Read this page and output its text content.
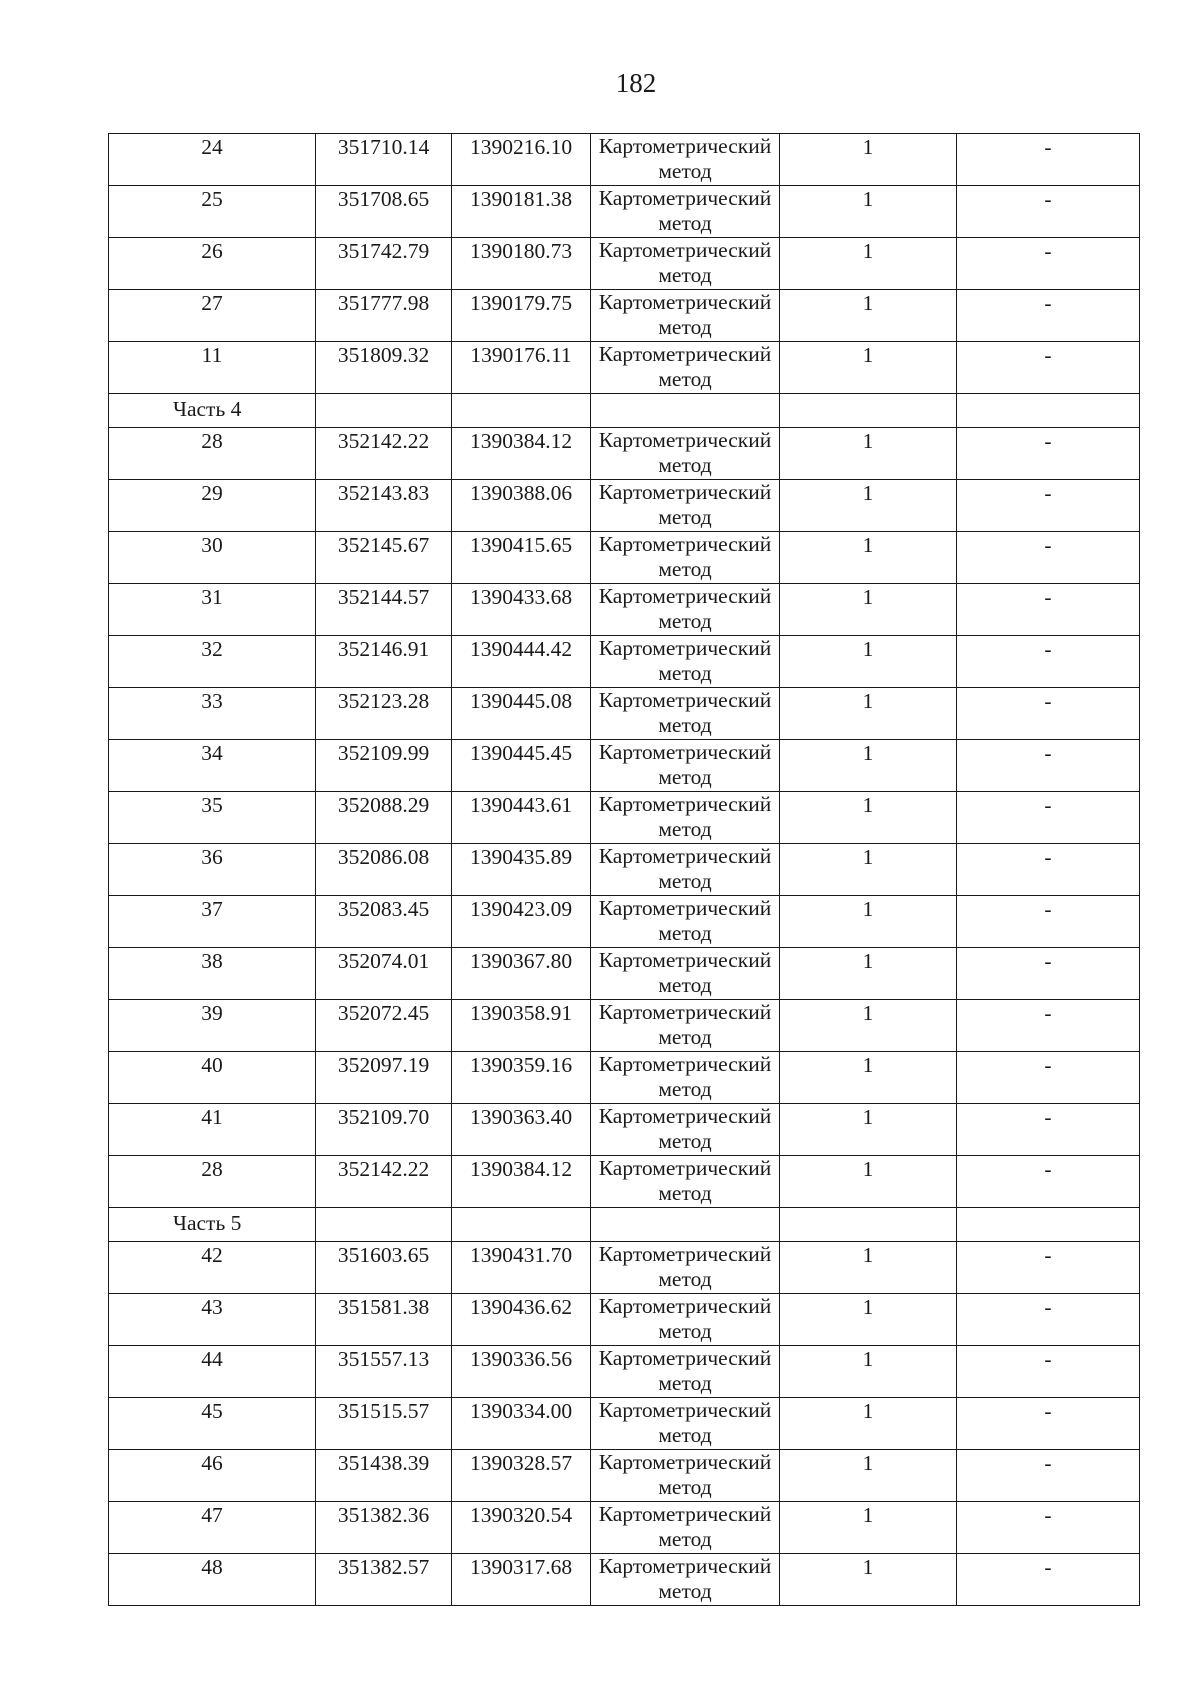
182
24	351710.14	1390216.10	Картометрический метод	1	-
25	351708.65	1390181.38	Картометрический метод	1	-
26	351742.79	1390180.73	Картометрический метод	1	-
27	351777.98	1390179.75	Картометрический метод	1	-
11	351809.32	1390176.11	Картометрический метод	1	-
Часть 4					
28	352142.22	1390384.12	Картометрический метод	1	-
29	352143.83	1390388.06	Картометрический метод	1	-
30	352145.67	1390415.65	Картометрический метод	1	-
31	352144.57	1390433.68	Картометрический метод	1	-
32	352146.91	1390444.42	Картометрический метод	1	-
33	352123.28	1390445.08	Картометрический метод	1	-
34	352109.99	1390445.45	Картометрический метод	1	-
35	352088.29	1390443.61	Картометрический метод	1	-
36	352086.08	1390435.89	Картометрический метод	1	-
37	352083.45	1390423.09	Картометрический метод	1	-
38	352074.01	1390367.80	Картометрический метод	1	-
39	352072.45	1390358.91	Картометрический метод	1	-
40	352097.19	1390359.16	Картометрический метод	1	-
41	352109.70	1390363.40	Картометрический метод	1	-
28	352142.22	1390384.12	Картометрический метод	1	-
Часть 5					
42	351603.65	1390431.70	Картометрический метод	1	-
43	351581.38	1390436.62	Картометрический метод	1	-
44	351557.13	1390336.56	Картометрический метод	1	-
45	351515.57	1390334.00	Картометрический метод	1	-
46	351438.39	1390328.57	Картометрический метод	1	-
47	351382.36	1390320.54	Картометрический метод	1	-
48	351382.57	1390317.68	Картометрический метод	1	-
